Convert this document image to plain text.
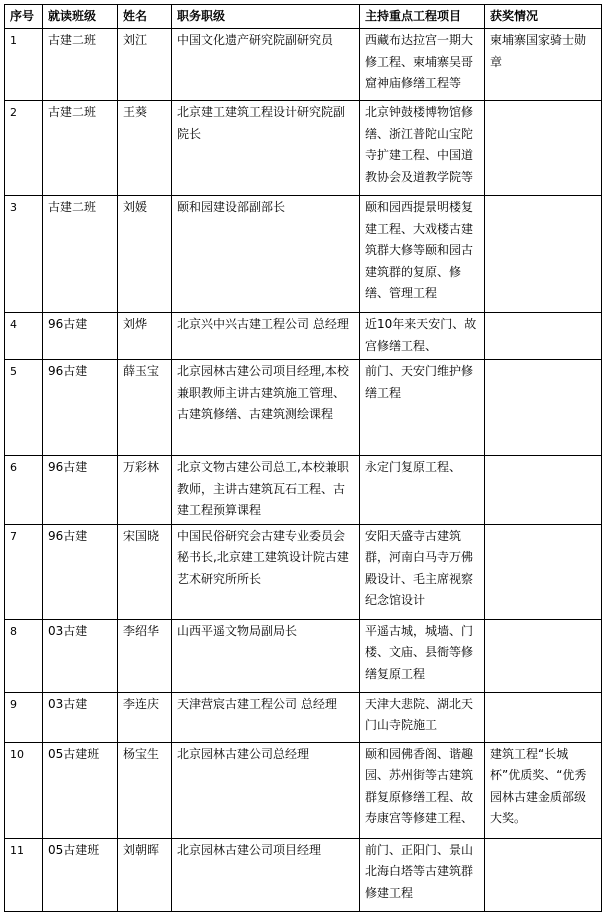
序号	就读班级	姓名	职务职级	主持重点工程项目	获奖情况
1	古建二班	刘江	中国文化遗产研究院副研究员	西藏布达拉宫一期大修工程、柬埔寨吴哥窟神庙修缮工程等	柬埔寨国家骑士勋章
2	古建二班	王葵	北京建工建筑工程设计研究院副院长	北京钟鼓楼博物馆修缮、浙江普陀山宝陀寺扩建工程、中国道教协会及道教学院等	
3	古建二班	刘媛	颐和园建设部副部长	颐和园西提景明楼复建工程、大戏楼古建筑群大修等颐和园古建筑群的复原、修缮、管理工程	
4	96古建	刘烨	北京兴中兴古建工程公司 总经理	近10年来天安门、故宫修缮工程、	
5	96古建	薛玉宝	北京园林古建公司项目经理,本校兼职教师主讲古建筑施工管理、古建筑修缮、古建筑测绘课程	前门、天安门维护修缮工程	
6	96古建	万彩林	北京文物古建公司总工,本校兼职教师，主讲古建筑瓦石工程、古建工程预算课程	永定门复原工程、	
7	96古建	宋国晓	中国民俗研究会古建专业委员会秘书长,北京建工建筑设计院古建艺术研究所所长	安阳天盛寺古建筑群，河南白马寺万佛殿设计、毛主席视察纪念馆设计	
8	03古建	李绍华	山西平遥文物局副局长	平遥古城，城墙、门楼、文庙、县衙等修缮复原工程	
9	03古建	李连庆	天津营宸古建工程公司 总经理	天津大悲院、湖北天门山寺院施工	
10	05古建班	杨宝生	北京园林古建公司总经理	颐和园佛香阁、谐趣园、苏州街等古建筑群复原修缮工程、故寿康宫等修建工程、	建筑工程“长城杯”优质奖、“优秀园林古建金质部级大奖。
11	05古建班	刘朝晖	北京园林古建公司项目经理	前门、正阳门、景山北海白塔等古建筑群修建工程	
